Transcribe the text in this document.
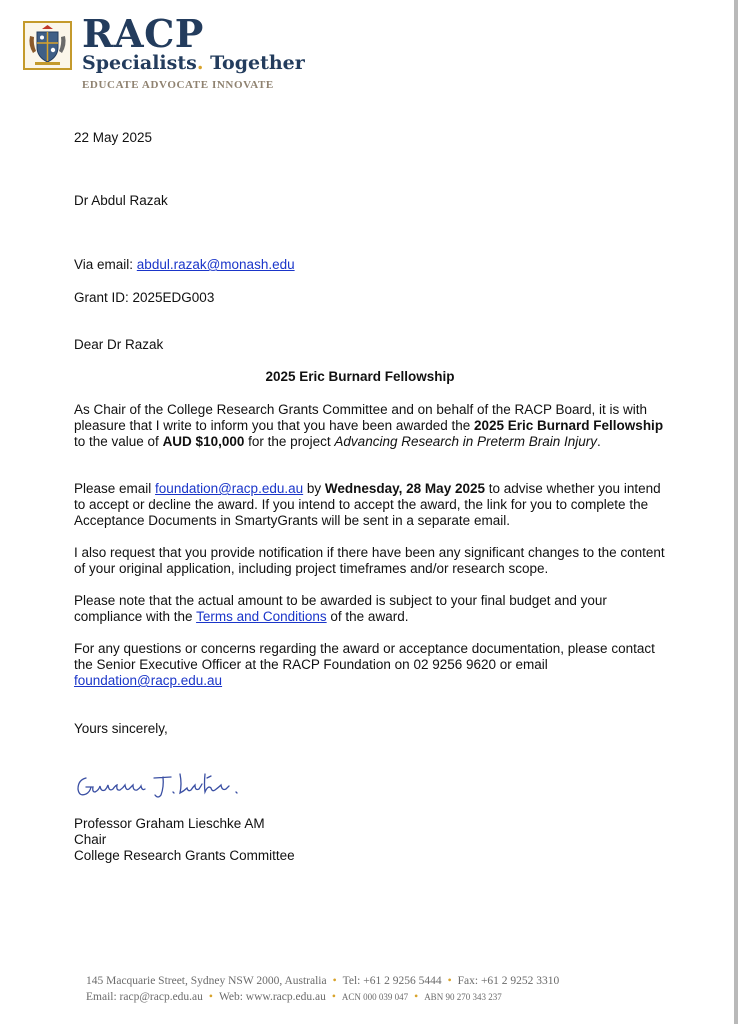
RACP
Specialists. Together
EDUCATE ADVOCATE INNOVATE
22 May 2025
Dr Abdul Razak
Via email: abdul.razak@monash.edu
Grant ID: 2025EDG003
Dear Dr Razak
2025 Eric Burnard Fellowship
As Chair of the College Research Grants Committee and on behalf of the RACP Board, it is with pleasure that I write to inform you that you have been awarded the 2025 Eric Burnard Fellowship to the value of AUD $10,000 for the project Advancing Research in Preterm Brain Injury.
Please email foundation@racp.edu.au by Wednesday, 28 May 2025 to advise whether you intend to accept or decline the award. If you intend to accept the award, the link for you to complete the Acceptance Documents in SmartyGrants will be sent in a separate email.
I also request that you provide notification if there have been any significant changes to the content of your original application, including project timeframes and/or research scope.
Please note that the actual amount to be awarded is subject to your final budget and your compliance with the Terms and Conditions of the award.
For any questions or concerns regarding the award or acceptance documentation, please contact the Senior Executive Officer at the RACP Foundation on 02 9256 9620 or email foundation@racp.edu.au
Yours sincerely,
Professor Graham Lieschke AM
Chair
College Research Grants Committee
145 Macquarie Street, Sydney NSW 2000, Australia • Tel: +61 2 9256 5444 • Fax: +61 2 9252 3310
Email: racp@racp.edu.au • Web: www.racp.edu.au • ACN 000 039 047 • ABN 90 270 343 237
